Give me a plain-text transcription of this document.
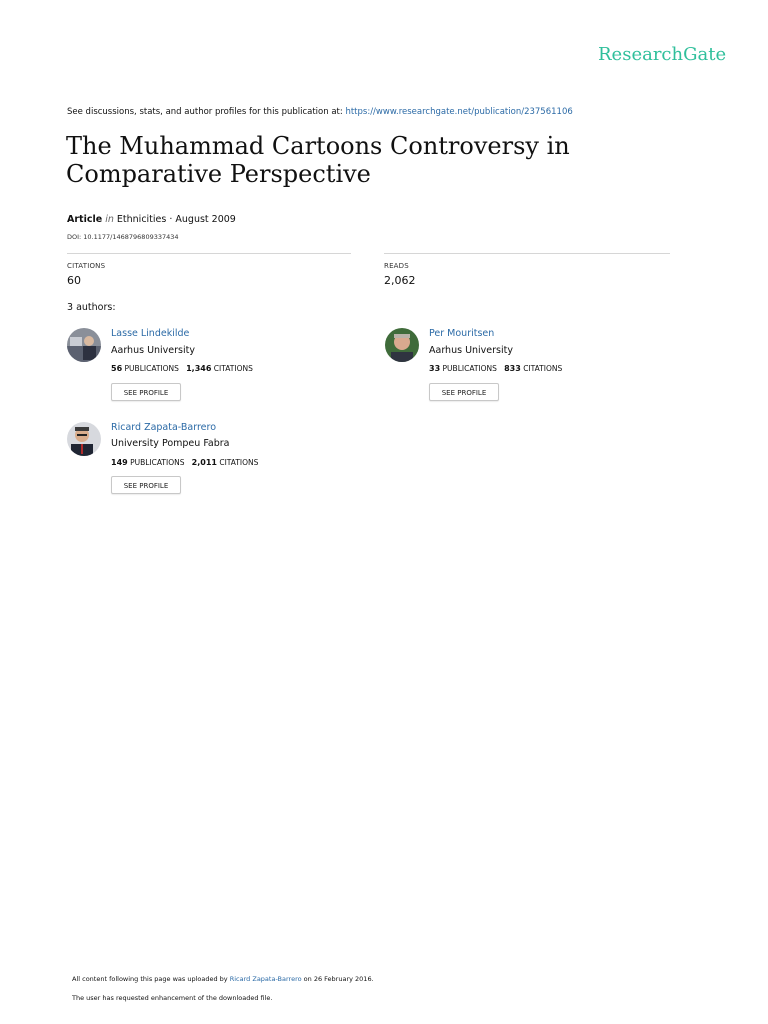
ResearchGate
See discussions, stats, and author profiles for this publication at: https://www.researchgate.net/publication/237561106
The Muhammad Cartoons Controversy in Comparative Perspective
Article in Ethnicities · August 2009
DOI: 10.1177/1468796809337434
CITATIONS
60
READS
2,062
3 authors:
Lasse Lindekilde
Aarhus University
56 PUBLICATIONS 1,346 CITATIONS
SEE PROFILE
Per Mouritsen
Aarhus University
33 PUBLICATIONS 833 CITATIONS
SEE PROFILE
Ricard Zapata-Barrero
University Pompeu Fabra
149 PUBLICATIONS 2,011 CITATIONS
SEE PROFILE
All content following this page was uploaded by Ricard Zapata-Barrero on 26 February 2016.
The user has requested enhancement of the downloaded file.
